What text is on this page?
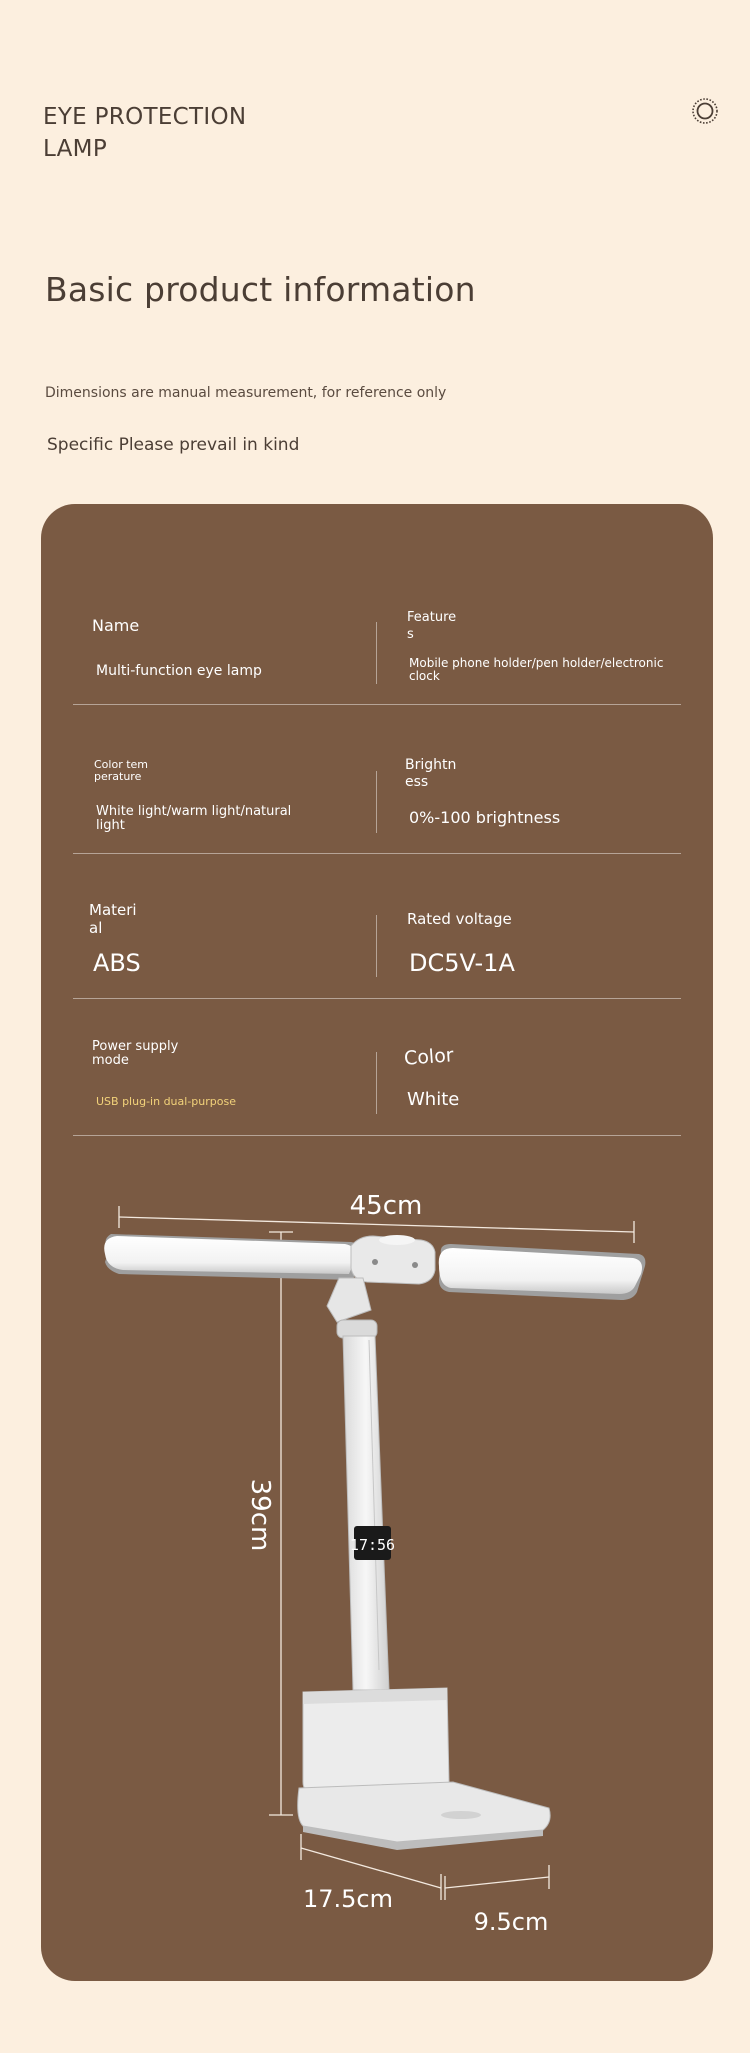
EYE PROTECTION
LAMP
Basic product information
Dimensions are manual measurement, for reference only
Specific Please prevail in kind
Name
Multi-function eye lamp
Feature
s
Mobile phone holder/pen holder/electronic
clock
Color tem
perature
White light/warm light/natural
light
Brightn
ess
0%-100 brightness
Materi
al
ABS
Rated voltage
DC5V-1A
Power supply
mode
USB plug-in dual-purpose
Color
White
45cm
39cm	17:56
17.5cm
9.5cm
